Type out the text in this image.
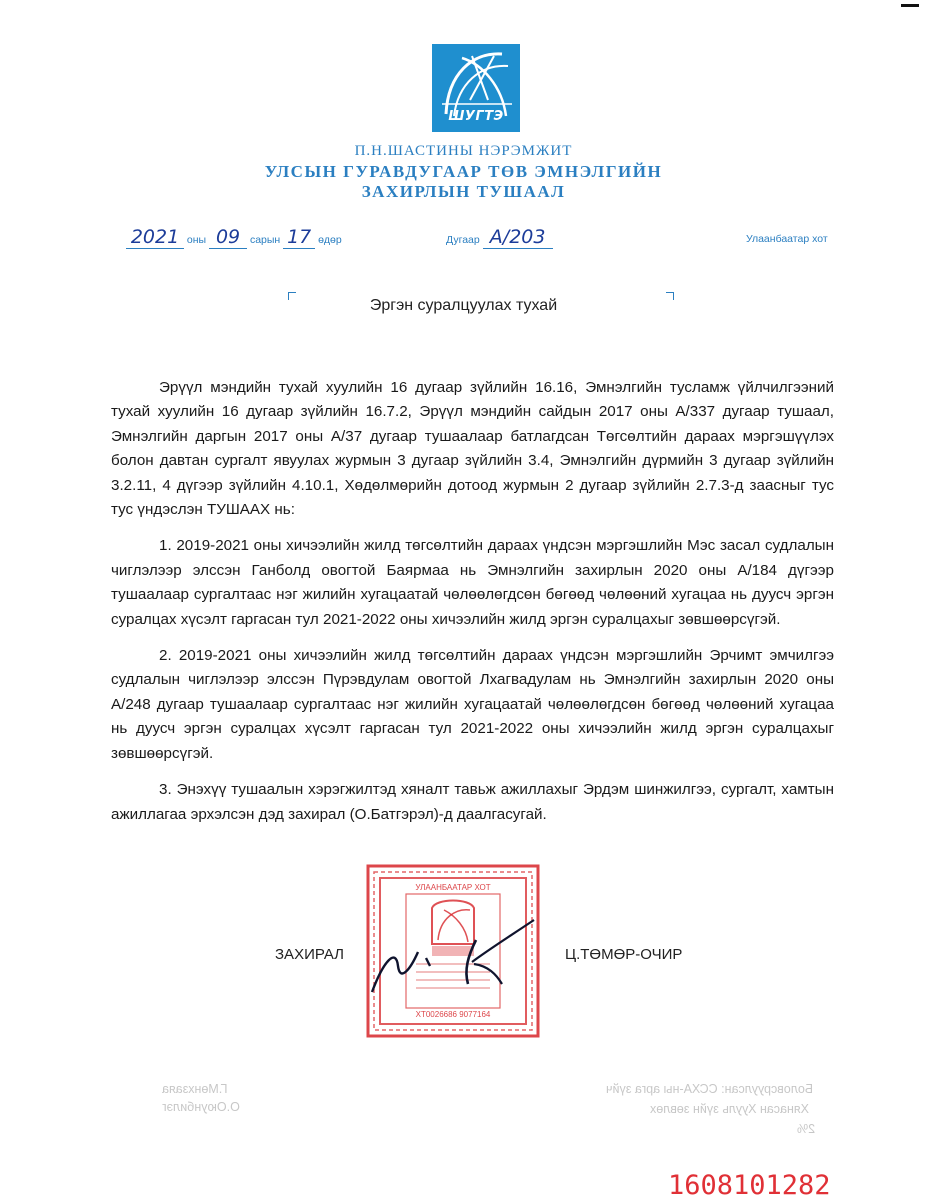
ШУГТЭ
П.Н.ШАСТИНЫ НЭРЭМЖИТ
УЛСЫН ГУРАВДУГААР ТӨВ ЭМНЭЛГИЙН
ЗАХИРЛЫН ТУШААЛ
2021 оны 09 сарын 17 өдөр	Дугаар А/203	Улаанбаатар хот
Эргэн суралцуулах тухай

Эрүүл мэндийн тухай хуулийн 16 дугаар зүйлийн 16.16, Эмнэлгийн тусламж үйлчилгээний тухай хуулийн 16 дугаар зүйлийн 16.7.2, Эрүүл мэндийн сайдын 2017 оны А/337 дугаар тушаал, Эмнэлгийн даргын 2017 оны А/37 дугаар тушаалаар батлагдсан Төгсөлтийн дараах мэргэшүүлэх болон давтан сургалт явуулах журмын 3 дугаар зүйлийн 3.4, Эмнэлгийн дүрмийн 3 дугаар зүйлийн 3.2.11, 4 дүгээр зүйлийн 4.10.1, Хөдөлмөрийн дотоод журмын 2 дугаар зүйлийн 2.7.3-д заасныг тус тус үндэслэн ТУШААХ нь:

1. 2019-2021 оны хичээлийн жилд төгсөлтийн дараах үндсэн мэргэшлийн Мэс засал судлалын чиглэлээр элссэн Ганболд овогтой Баярмаа нь Эмнэлгийн захирлын 2020 оны А/184 дүгээр тушаалаар сургалтаас нэг жилийн хугацаатай чөлөөлөгдсөн бөгөөд чөлөөний хугацаа нь дуусч эргэн суралцах хүсэлт гаргасан тул 2021-2022 оны хичээлийн жилд эргэн суралцахыг зөвшөөрсүгэй.

2. 2019-2021 оны хичээлийн жилд төгсөлтийн дараах үндсэн мэргэшлийн Эрчимт эмчилгээ судлалын чиглэлээр элссэн Пүрэвдулам овогтой Лхагвадулам нь Эмнэлгийн захирлын 2020 оны А/248 дугаар тушаалаар сургалтаас нэг жилийн хугацаатай чөлөөлөгдсөн бөгөөд чөлөөний хугацаа нь дуусч эргэн суралцах хүсэлт гаргасан тул 2021-2022 оны хичээлийн жилд эргэн суралцахыг зөвшөөрсүгэй.

3. Энэхүү тушаалын хэрэгжилтэд хяналт тавьж ажиллахыг Эрдэм шинжилгээ, сургалт, хамтын ажиллагаа эрхэлсэн дэд захирал (О.Батгэрэл)-д даалгасугай.

УЛААНБААТАР ХОТ
ХТ0026686 9077164
ЗАХИРАЛ	Ц.ТӨМӨР-ОЧИР
Боловсруулсан: ССХА-ны арга зүйч
Хянасан Хууль зүйн зөвлөх
2%
Г.Мөнхзаяа
О.Оюунбилэг
1608101282
